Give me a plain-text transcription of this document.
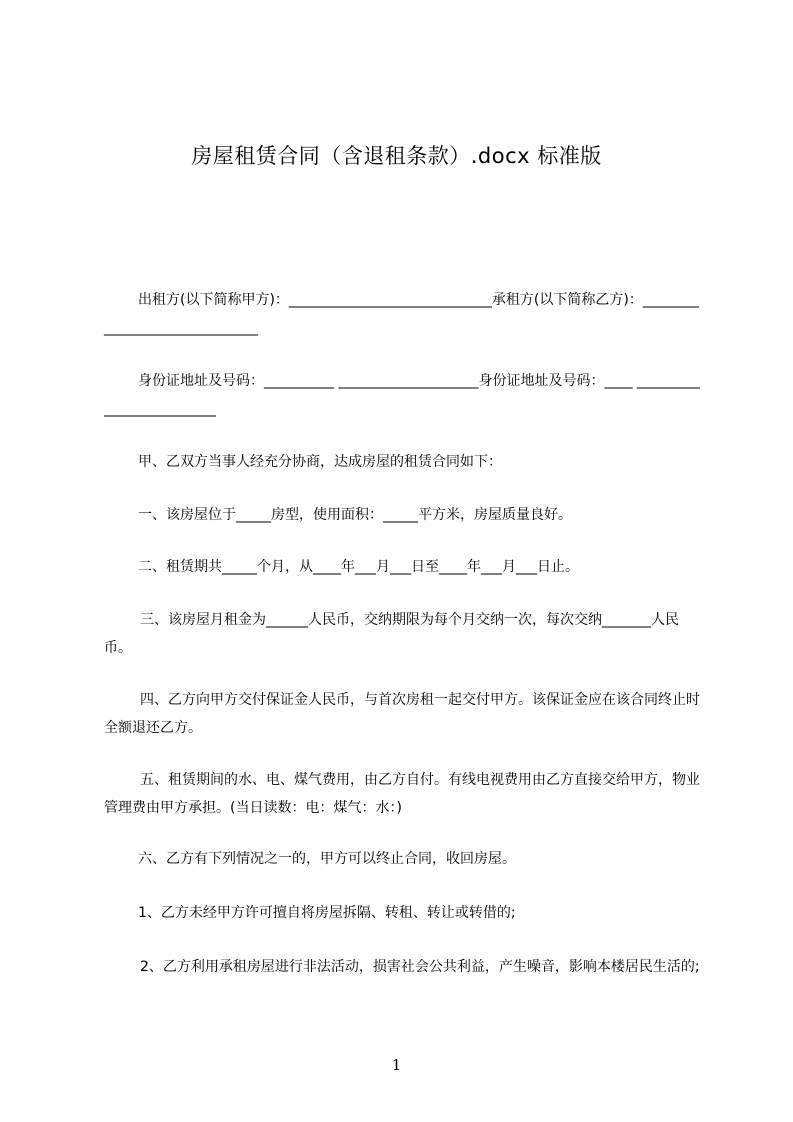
房屋租赁合同（含退租条款）.docx 标准版

出租方(以下简称甲方)：_____________________________承租方(以下简称乙方)：______________________________

身份证地址及号码：__________ ____________________身份证地址及号码：____ _________________________

甲、乙双方当事人经充分协商，达成房屋的租赁合同如下：

一、该房屋位于_____房型，使用面积：_____平方米，房屋质量良好。

二、租赁期共_____个月，从____年___月___日至____年___月___日止。

三、该房屋月租金为______人民币，交纳期限为每个月交纳一次，每次交纳_______人民币。

四、乙方向甲方交付保证金人民币，与首次房租一起交付甲方。该保证金应在该合同终止时全额退还乙方。

五、租赁期间的水、电、煤气费用，由乙方自付。有线电视费用由乙方直接交给甲方，物业管理费由甲方承担。(当日读数：电：煤气：水：)

六、乙方有下列情况之一的，甲方可以终止合同，收回房屋。

1、乙方未经甲方许可擅自将房屋拆隔、转租、转让或转借的;

2、乙方利用承租房屋进行非法活动，损害社会公共利益，产生噪音，影响本楼居民生活的;

1
